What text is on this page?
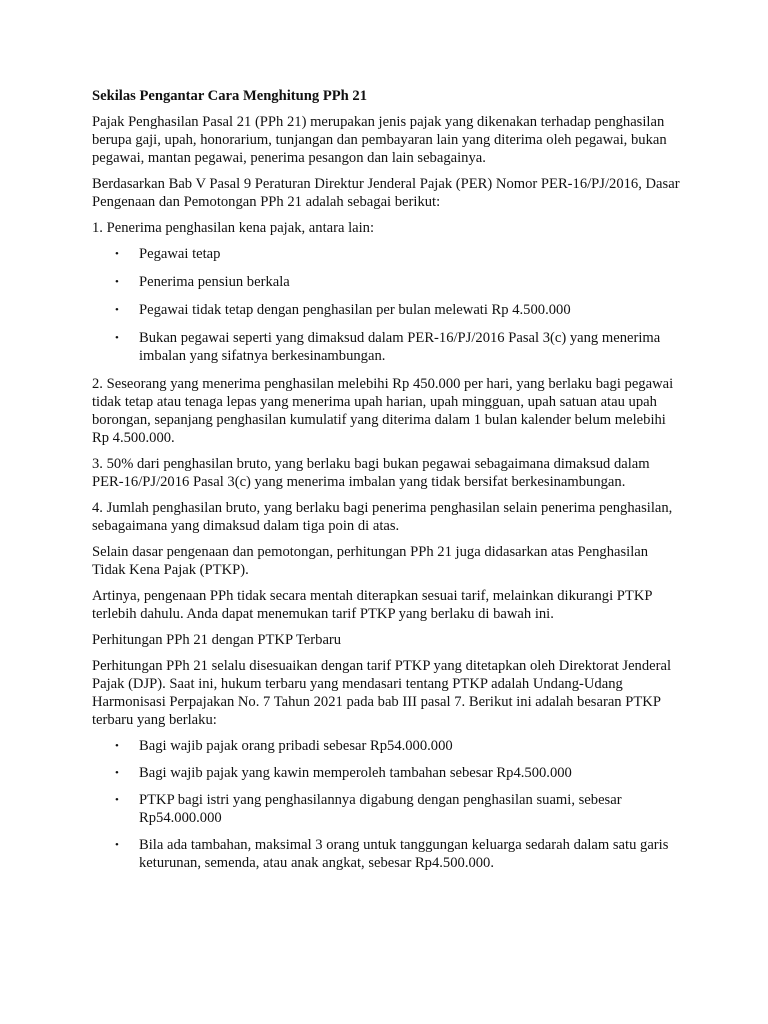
Sekilas Pengantar Cara Menghitung PPh 21

Pajak Penghasilan Pasal 21 (PPh 21) merupakan jenis pajak yang dikenakan terhadap penghasilan berupa gaji, upah, honorarium, tunjangan dan pembayaran lain yang diterima oleh pegawai, bukan pegawai, mantan pegawai, penerima pesangon dan lain sebagainya.

Berdasarkan Bab V Pasal 9 Peraturan Direktur Jenderal Pajak (PER) Nomor PER-16/PJ/2016, Dasar Pengenaan dan Pemotongan PPh 21 adalah sebagai berikut:

1. Penerima penghasilan kena pajak, antara lain:

• Pegawai tetap
• Penerima pensiun berkala
• Pegawai tidak tetap dengan penghasilan per bulan melewati Rp 4.500.000
• Bukan pegawai seperti yang dimaksud dalam PER-16/PJ/2016 Pasal 3(c) yang menerima imbalan yang sifatnya berkesinambungan.

2. Seseorang yang menerima penghasilan melebihi Rp 450.000 per hari, yang berlaku bagi pegawai tidak tetap atau tenaga lepas yang menerima upah harian, upah mingguan, upah satuan atau upah borongan, sepanjang penghasilan kumulatif yang diterima dalam 1 bulan kalender belum melebihi Rp 4.500.000.

3. 50% dari penghasilan bruto, yang berlaku bagi bukan pegawai sebagaimana dimaksud dalam PER-16/PJ/2016 Pasal 3(c) yang menerima imbalan yang tidak bersifat berkesinambungan.

4. Jumlah penghasilan bruto, yang berlaku bagi penerima penghasilan selain penerima penghasilan, sebagaimana yang dimaksud dalam tiga poin di atas.

Selain dasar pengenaan dan pemotongan, perhitungan PPh 21 juga didasarkan atas Penghasilan Tidak Kena Pajak (PTKP).

Artinya, pengenaan PPh tidak secara mentah diterapkan sesuai tarif, melainkan dikurangi PTKP terlebih dahulu. Anda dapat menemukan tarif PTKP yang berlaku di bawah ini.

Perhitungan PPh 21 dengan PTKP Terbaru

Perhitungan PPh 21 selalu disesuaikan dengan tarif PTKP yang ditetapkan oleh Direktorat Jenderal Pajak (DJP). Saat ini, hukum terbaru yang mendasari tentang PTKP adalah Undang-Udang Harmonisasi Perpajakan No. 7 Tahun 2021 pada bab III pasal 7. Berikut ini adalah besaran PTKP terbaru yang berlaku:

• Bagi wajib pajak orang pribadi sebesar Rp54.000.000
• Bagi wajib pajak yang kawin memperoleh tambahan sebesar Rp4.500.000
• PTKP bagi istri yang penghasilannya digabung dengan penghasilan suami, sebesar Rp54.000.000
• Bila ada tambahan, maksimal 3 orang untuk tanggungan keluarga sedarah dalam satu garis keturunan, semenda, atau anak angkat, sebesar Rp4.500.000.
